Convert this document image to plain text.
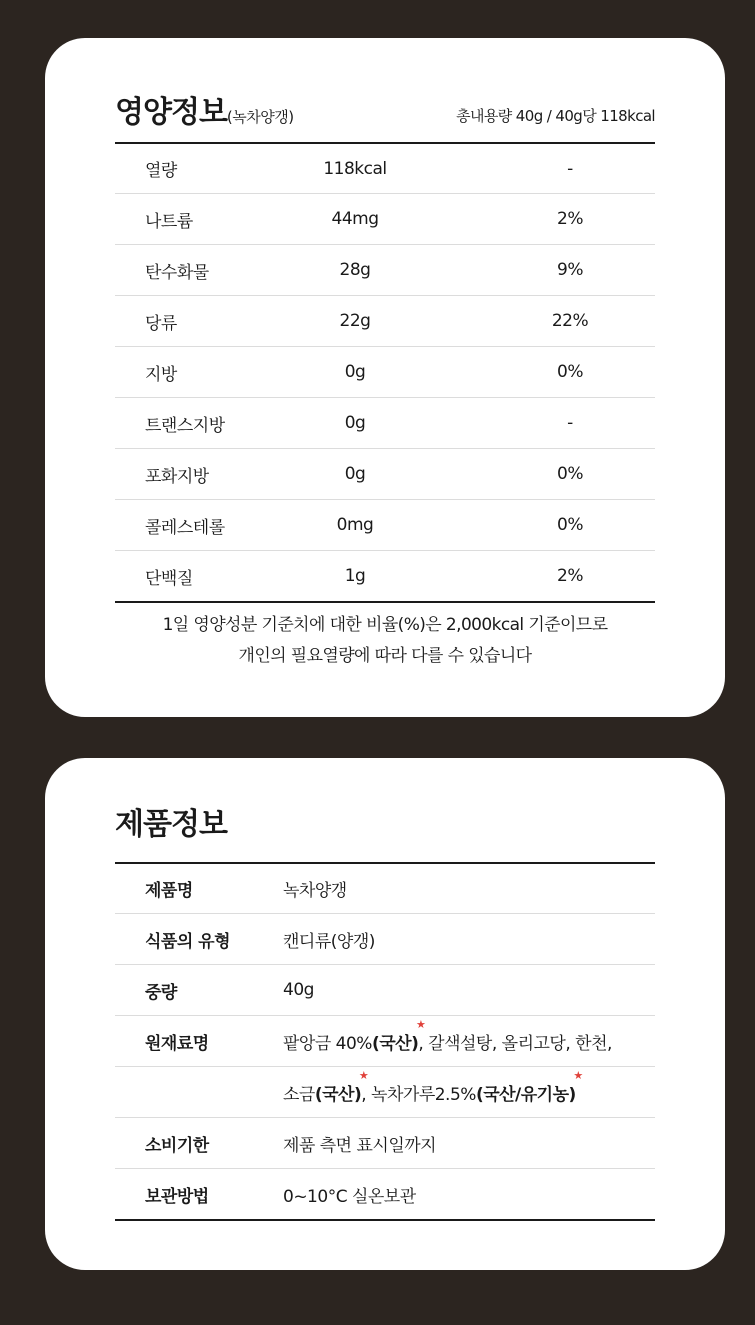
영양정보(녹차양갱)	총내용량 40g / 40g당 118kcal
열량	118kcal	-
나트륨	44mg	2%
탄수화물	28g	9%
당류	22g	22%
지방	0g	0%
트랜스지방	0g	-
포화지방	0g	0%
콜레스테롤	0mg	0%
단백질	1g	2%
1일 영양성분 기준치에 대한 비율(%)은 2,000kcal 기준이므로
개인의 필요열량에 따라 다를 수 있습니다
제품정보
제품명	녹차양갱
식품의 유형	캔디류(양갱)
중량	40g
원재료명	팥앙금 40%(국산)
★
, 갈색설탕, 올리고당, 한천,
소금(국산)
★
, 녹차가루2.5%(국산/유기농)
★
소비기한	제품 측면 표시일까지
보관방법	0~10°C 실온보관
